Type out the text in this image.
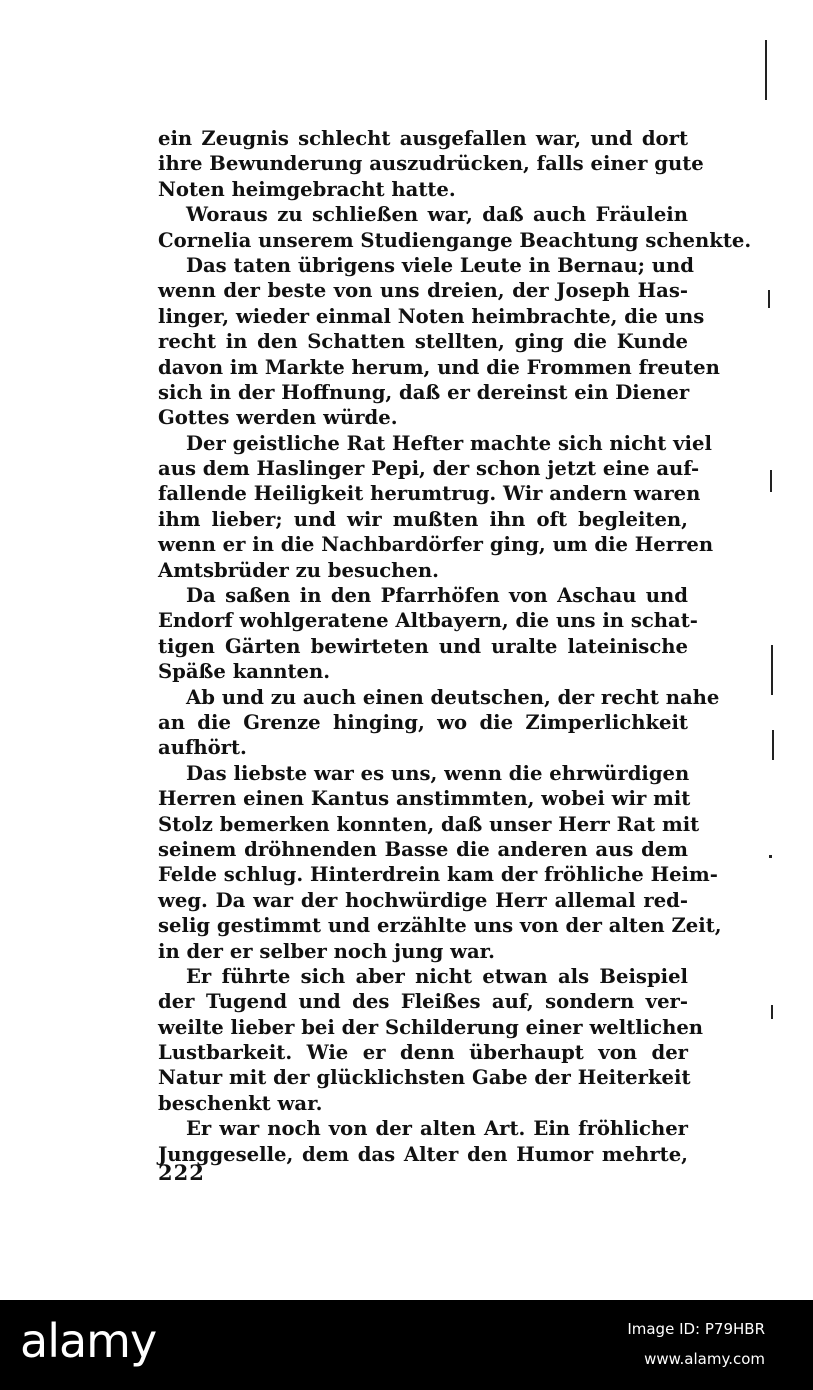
ein Zeugnis schlecht ausgefallen war, und dort
ihre Bewunderung auszudrücken, falls einer gute
Noten heimgebracht hatte.
Woraus zu schließen war, daß auch Fräulein
Cornelia unserem Studiengange Beachtung schenkte.
Das taten übrigens viele Leute in Bernau; und
wenn der beste von uns dreien, der Joseph Has-
linger, wieder einmal Noten heimbrachte, die uns
recht in den Schatten stellten, ging die Kunde
davon im Markte herum, und die Frommen freuten
sich in der Hoffnung, daß er dereinst ein Diener
Gottes werden würde.
Der geistliche Rat Hefter machte sich nicht viel
aus dem Haslinger Pepi, der schon jetzt eine auf-
fallende Heiligkeit herumtrug. Wir andern waren
ihm lieber; und wir mußten ihn oft begleiten,
wenn er in die Nachbardörfer ging, um die Herren
Amtsbrüder zu besuchen.
Da saßen in den Pfarrhöfen von Aschau und
Endorf wohlgeratene Altbayern, die uns in schat-
tigen Gärten bewirteten und uralte lateinische
Späße kannten.
Ab und zu auch einen deutschen, der recht nahe
an die Grenze hinging, wo die Zimperlichkeit
aufhört.
Das liebste war es uns, wenn die ehrwürdigen
Herren einen Kantus anstimmten, wobei wir mit
Stolz bemerken konnten, daß unser Herr Rat mit
seinem dröhnenden Basse die anderen aus dem
Felde schlug. Hinterdrein kam der fröhliche Heim-
weg. Da war der hochwürdige Herr allemal red-
selig gestimmt und erzählte uns von der alten Zeit,
in der er selber noch jung war.
Er führte sich aber nicht etwan als Beispiel
der Tugend und des Fleißes auf, sondern ver-
weilte lieber bei der Schilderung einer weltlichen
Lustbarkeit. Wie er denn überhaupt von der
Natur mit der glücklichsten Gabe der Heiterkeit
beschenkt war.
Er war noch von der alten Art. Ein fröhlicher
Junggeselle, dem das Alter den Humor mehrte,
222
alamy	Image ID: P79HBR
www.alamy.com
